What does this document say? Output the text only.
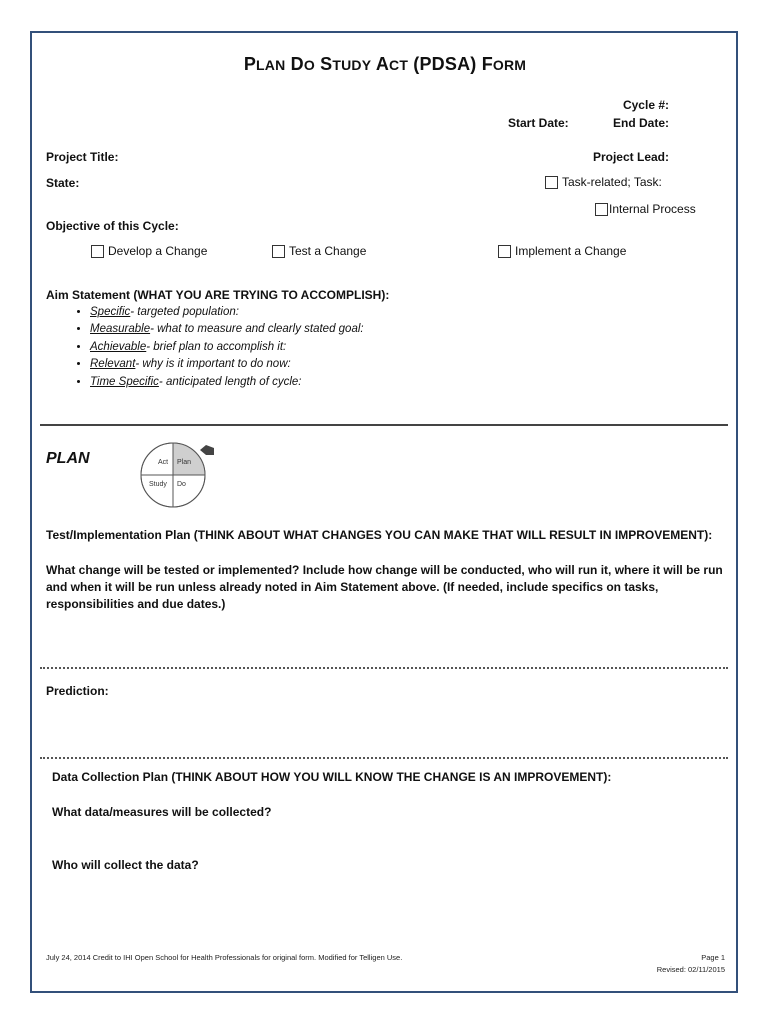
PLAN DO STUDY ACT (PDSA) FORM
Cycle #:
Start Date:	End Date:
Project Title:	Project Lead:
State:	Task-related; Task:
Internal Process
Objective of this Cycle:
Develop a Change	Test a Change	Implement a Change
Aim Statement (WHAT YOU ARE TRYING TO ACCOMPLISH):
• Specific- targeted population:
• Measurable- what to measure and clearly stated goal:
• Achievable- brief plan to accomplish it:
• Relevant- why is it important to do now:
• Time Specific- anticipated length of cycle:
PLAN	Act Plan
Study Do
Test/Implementation Plan (THINK ABOUT WHAT CHANGES YOU CAN MAKE THAT WILL RESULT IN IMPROVEMENT):
What change will be tested or implemented? Include how change will be conducted, who will run it, where it will be run and when it will be run unless already noted in Aim Statement above. (If needed, include specifics on tasks, responsibilities and due dates.)
Prediction:
Data Collection Plan (THINK ABOUT HOW YOU WILL KNOW THE CHANGE IS AN IMPROVEMENT):
What data/measures will be collected?
Who will collect the data?
July 24, 2014 Credit to IHI Open School for Health Professionals for original form. Modified for Telligen Use.	Page 1
Revised: 02/11/2015
